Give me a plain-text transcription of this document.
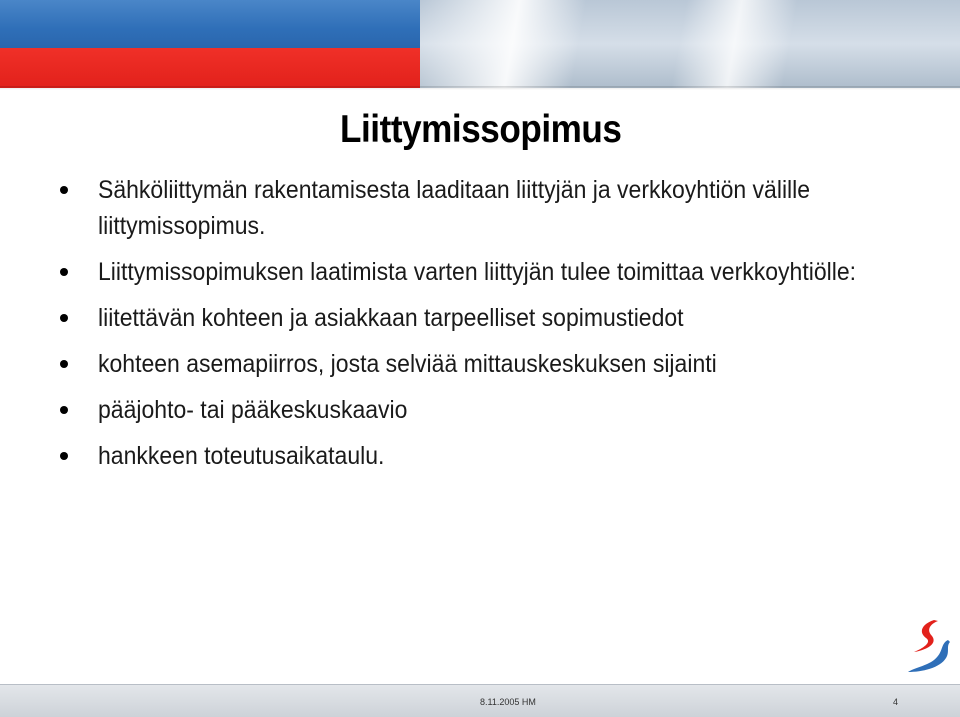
Liittymissopimus
Sähköliittymän rakentamisesta laaditaan liittyjän ja verkkoyhtiön välille liittymissopimus.
Liittymissopimuksen laatimista varten liittyjän tulee toimittaa verkkoyhtiölle:
liitettävän kohteen ja asiakkaan tarpeelliset sopimustiedot
kohteen asemapiirros, josta selviää mittauskeskuksen sijainti
pääjohto- tai pääkeskuskaavio
hankkeen toteutusaikataulu.
8.11.2005 HM	4
